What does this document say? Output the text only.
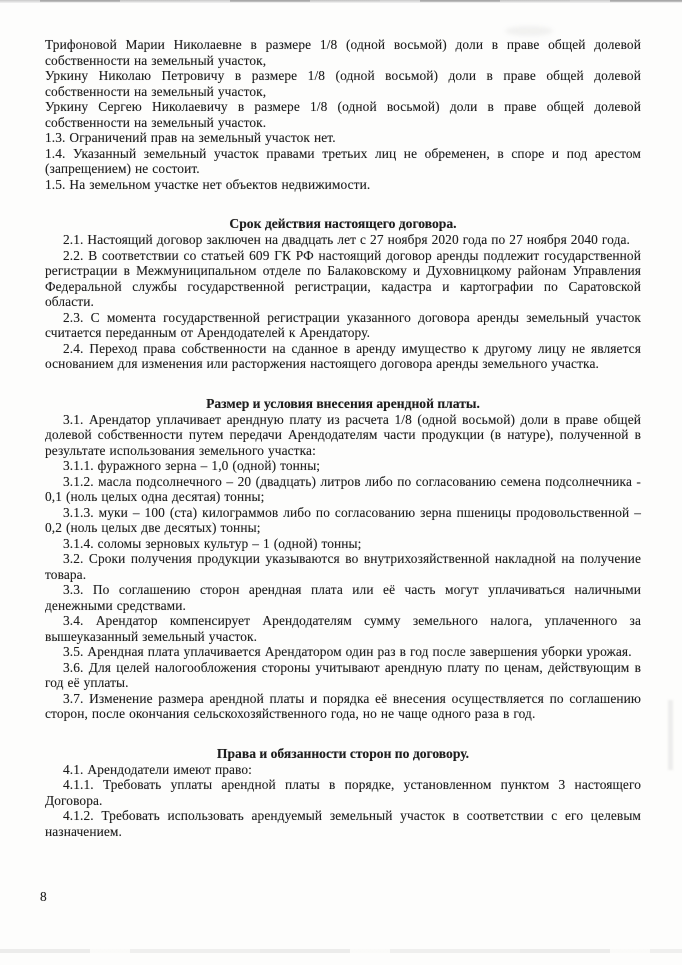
Трифоновой Марии Николаевне в размере 1/8 (одной восьмой) доли в праве общей долевой собственности на земельный участок,

Уркину Николаю Петровичу в размере 1/8 (одной восьмой) доли в праве общей долевой собственности на земельный участок,

Уркину Сергею Николаевичу в размере 1/8 (одной восьмой) доли в праве общей долевой собственности на земельный участок.

1.3. Ограничений прав на земельный участок нет.

1.4. Указанный земельный участок правами третьих лиц не обременен, в споре и под арестом (запрещением) не состоит.

1.5. На земельном участке нет объектов недвижимости.

Срок действия настоящего договора.

2.1. Настоящий договор заключен на двадцать лет с 27 ноября 2020 года по 27 ноября 2040 года.

2.2. В соответствии со статьей 609 ГК РФ настоящий договор аренды подлежит государственной регистрации в Межмуниципальном отделе по Балаковскому и Духовницкому районам Управления Федеральной службы государственной регистрации, кадастра и картографии по Саратовской области.

2.3. С момента государственной регистрации указанного договора аренды земельный участок считается переданным от Арендодателей к Арендатору.

2.4. Переход права собственности на сданное в аренду имущество к другому лицу не является основанием для изменения или расторжения настоящего договора аренды земельного участка.

Размер и условия внесения арендной платы.

3.1. Арендатор уплачивает арендную плату из расчета 1/8 (одной восьмой) доли в праве общей долевой собственности путем передачи Арендодателям части продукции (в натуре), полученной в результате использования земельного участка:

3.1.1. фуражного зерна – 1,0 (одной) тонны;

3.1.2. масла подсолнечного – 20 (двадцать) литров либо по согласованию семена подсолнечника - 0,1 (ноль целых одна десятая) тонны;

3.1.3. муки – 100 (ста) килограммов либо по согласованию зерна пшеницы продовольственной – 0,2 (ноль целых две десятых) тонны;

3.1.4. соломы зерновых культур – 1 (одной) тонны;

3.2. Сроки получения продукции указываются во внутрихозяйственной накладной на получение товара.

3.3. По соглашению сторон арендная плата или её часть могут уплачиваться наличными денежными средствами.

3.4. Арендатор компенсирует Арендодателям сумму земельного налога, уплаченного за вышеуказанный земельный участок.

3.5. Арендная плата уплачивается Арендатором один раз в год после завершения уборки урожая.

3.6. Для целей налогообложения стороны учитывают арендную плату по ценам, действующим в год её уплаты.

3.7. Изменение размера арендной платы и порядка её внесения осуществляется по соглашению сторон, после окончания сельскохозяйственного года, но не чаще одного раза в год.

Права и обязанности сторон по договору.

4.1. Арендодатели имеют право:

4.1.1. Требовать уплаты арендной платы в порядке, установленном пунктом 3 настоящего Договора.

4.1.2. Требовать использовать арендуемый земельный участок в соответствии с его целевым назначением.

8
